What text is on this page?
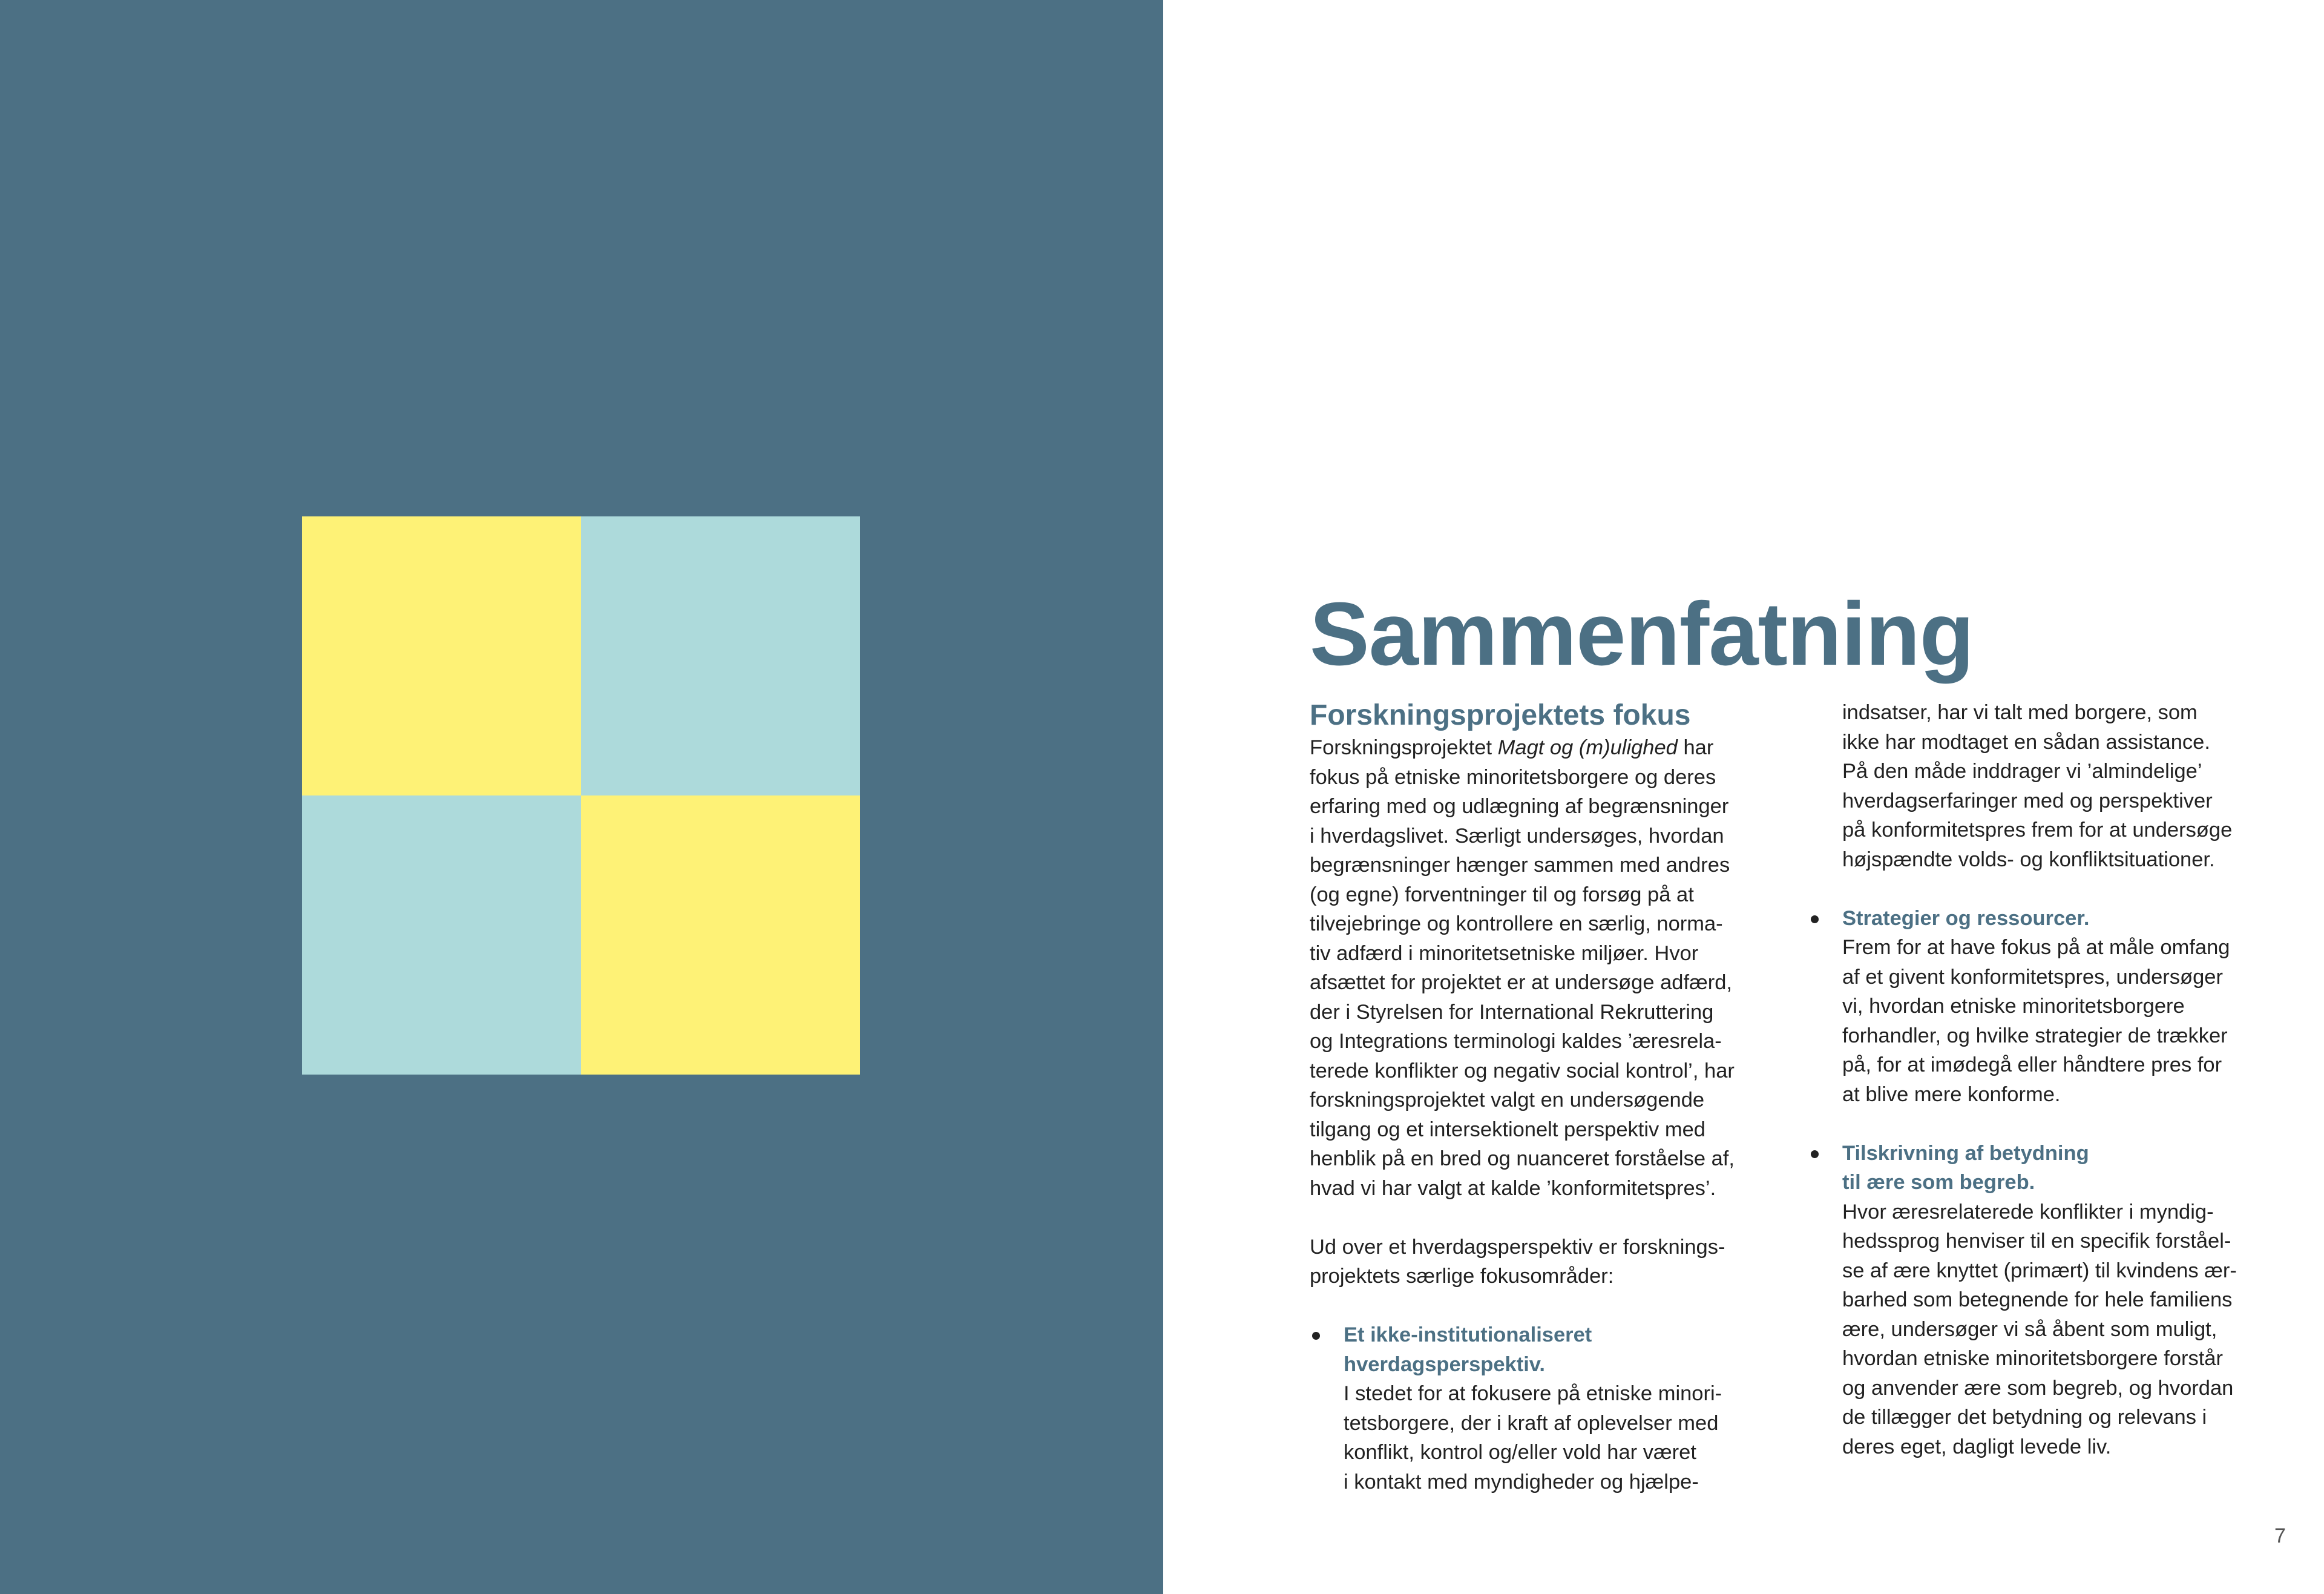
Sammenfatning
Forskningsprojektets fokus

Forskningsprojektet Magt og (m)ulighed har

fokus på etniske minoritetsborgere og deres

erfaring med og udlægning af begrænsninger

i hverdagslivet. Særligt undersøges, hvordan

begrænsninger hænger sammen med andres

(og egne) forventninger til og forsøg på at

tilvejebringe og kontrollere en særlig, norma-

tiv adfærd i minoritetsetniske miljøer. Hvor

afsættet for projektet er at undersøge adfærd,

der i Styrelsen for International Rekruttering

og Integrations terminologi kaldes ’æresrela-

terede konflikter og negativ social kontrol’, har

forskningsprojektet valgt en undersøgende

tilgang og et intersektionelt perspektiv med

henblik på en bred og nuanceret forståelse af,

hvad vi har valgt at kalde ’konformitetspres’.

Ud over et hverdagsperspektiv er forsknings-

projektets særlige fokusområder:

Et ikke-institutionaliseret

hverdagsperspektiv.

I stedet for at fokusere på etniske minori-

tetsborgere, der i kraft af oplevelser med

konflikt, kontrol og/eller vold har været

i kontakt med myndigheder og hjælpe-

indsatser, har vi talt med borgere, som

ikke har modtaget en sådan assistance.

På den måde inddrager vi ’almindelige’

hverdagserfaringer med og perspektiver

på konformitetspres frem for at undersøge

højspændte volds- og konfliktsituationer.

Strategier og ressourcer.

Frem for at have fokus på at måle omfang

af et givent konformitetspres, undersøger

vi, hvordan etniske minoritetsborgere

forhandler, og hvilke strategier de trækker

på, for at imødegå eller håndtere pres for

at blive mere konforme.

Tilskrivning af betydning

til ære som begreb.

Hvor æresrelaterede konflikter i myndig-

hedssprog henviser til en specifik forståel-

se af ære knyttet (primært) til kvindens ær-

barhed som betegnende for hele familiens

ære, undersøger vi så åbent som muligt,

hvordan etniske minoritetsborgere forstår

og anvender ære som begreb, og hvordan

de tillægger det betydning og relevans i

deres eget, dagligt levede liv.

7
